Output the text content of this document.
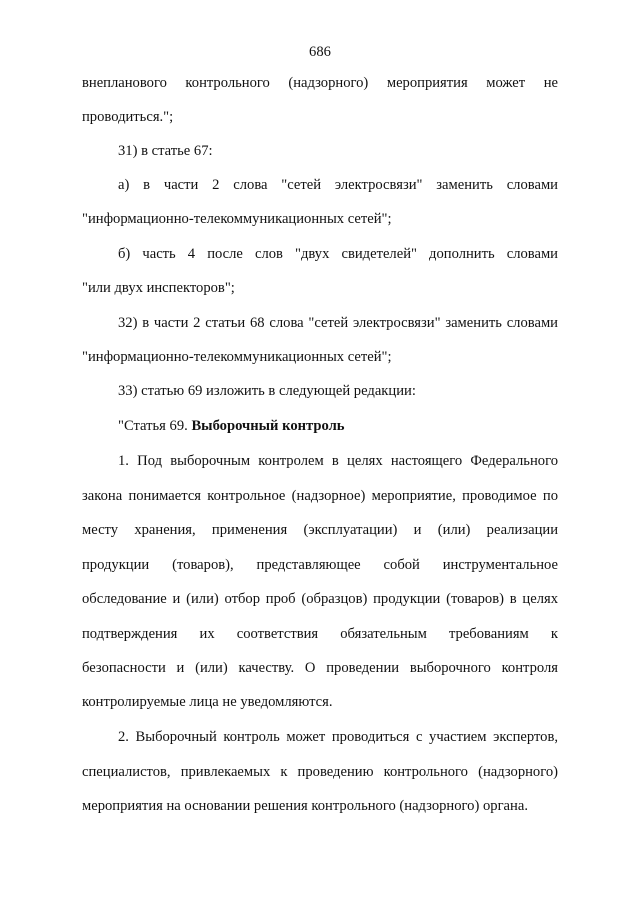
686
внепланового контрольного (надзорного) мероприятия может не
проводиться.";
31) в статье 67:
а) в части 2 слова "сетей электросвязи" заменить словами
"информационно-телекоммуникационных сетей";
б) часть 4 после слов "двух свидетелей" дополнить словами
"или двух инспекторов";
32) в части 2 статьи 68 слова "сетей электросвязи" заменить словами
"информационно-телекоммуникационных сетей";
33) статью 69 изложить в следующей редакции:
"Статья 69. Выборочный контроль
1. Под выборочным контролем в целях настоящего Федерального
закона понимается контрольное (надзорное) мероприятие, проводимое по
месту хранения, применения (эксплуатации) и (или) реализации
продукции (товаров), представляющее собой инструментальное
обследование и (или) отбор проб (образцов) продукции (товаров) в целях
подтверждения их соответствия обязательным требованиям к
безопасности и (или) качеству. О проведении выборочного контроля
контролируемые лица не уведомляются.
2. Выборочный контроль может проводиться с участием экспертов,
специалистов, привлекаемых к проведению контрольного (надзорного)
мероприятия на основании решения контрольного (надзорного) органа.
